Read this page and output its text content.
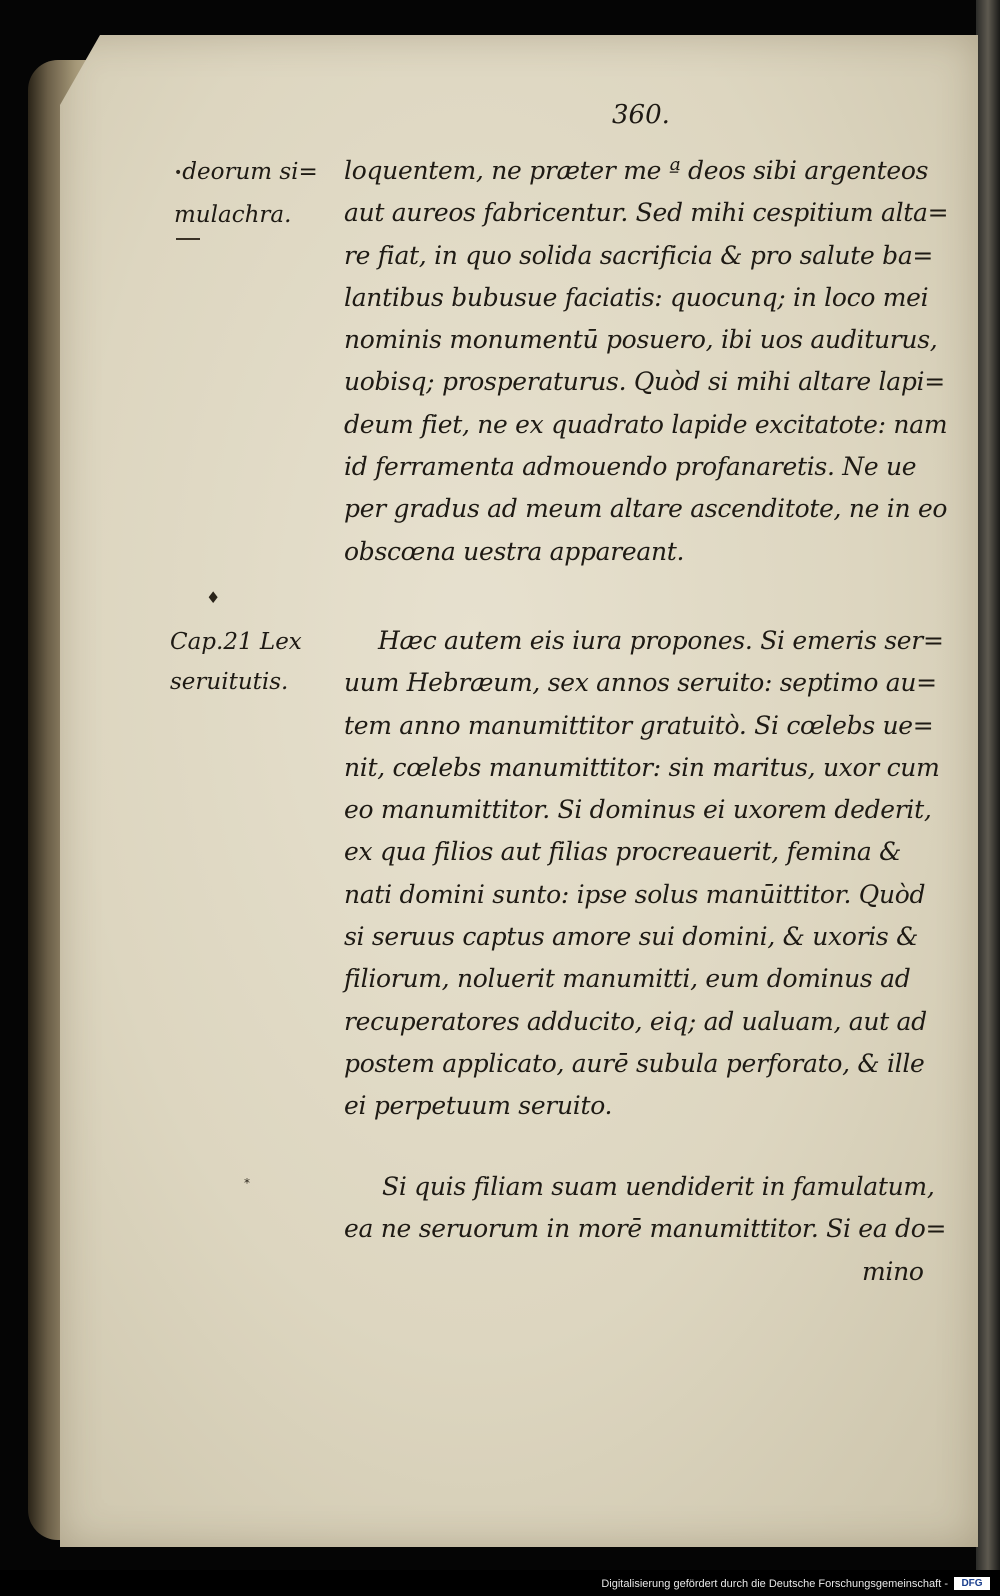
360.
•deorum si=
mulachra.
loquentem, ne præter me ª deos sibi argenteos
aut aureos fabricentur. Sed mihi cespitium alta=
re fiat, in quo solida sacrificia & pro salute ba=
lantibus bubusue faciatis: quocunq; in loco mei
nominis monumentū posuero, ibi uos auditurus,
uobisq; prosperaturus. Quòd si mihi altare lapi=
deum fiet, ne ex quadrato lapide excitatote: nam
id ferramenta admouendo profanaretis. Ne ue
per gradus ad meum altare ascenditote, ne in eo
obscœna uestra appareant.
♦
Cap.21 Lex
seruitutis.
Hæc autem eis iura propones. Si emeris ser=
uum Hebræum, sex annos seruito: septimo au=
tem anno manumittitor gratuitò. Si cœlebs ue=
nit, cœlebs manumittitor: sin maritus, uxor cum
eo manumittitor. Si dominus ei uxorem dederit,
ex qua filios aut filias procreauerit, femina &
nati domini sunto: ipse solus manūittitor. Quòd
si seruus captus amore sui domini, & uxoris &
filiorum, noluerit manumitti, eum dominus ad
recuperatores adducito, eiq; ad ualuam, aut ad
postem applicato, aurē subula perforato, & ille
ei perpetuum seruito.
*	Si quis filiam suam uendiderit in famulatum,
ea ne seruorum in morē manumittitor. Si ea do=
mino
Digitalisierung gefördert durch die Deutsche Forschungsgemeinschaft -	DFG
